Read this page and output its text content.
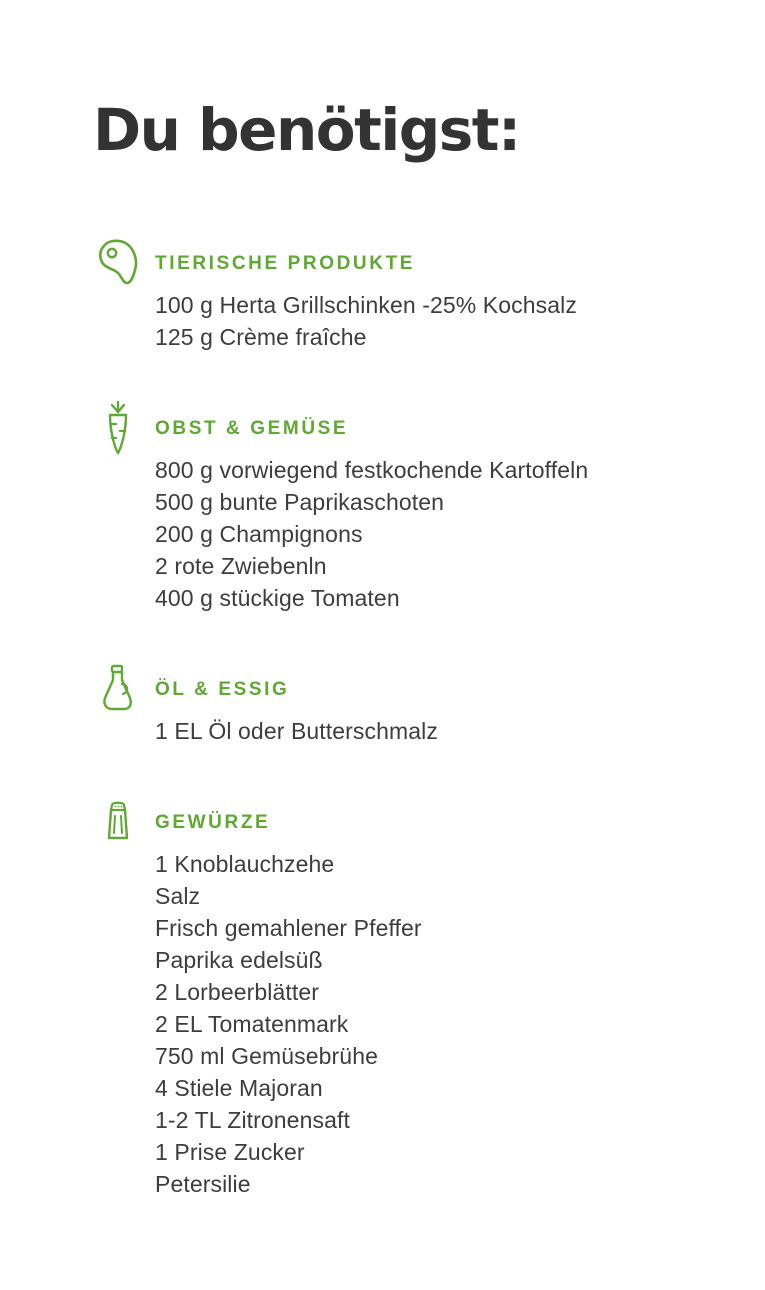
Du benötigst:
TIERISCHE PRODUKTE
100 g Herta Grillschinken -25% Kochsalz
125 g Crème fraîche
OBST & GEMÜSE
800 g vorwiegend festkochende Kartoffeln
500 g bunte Paprikaschoten
200 g Champignons
2 rote Zwiebenln
400 g stückige Tomaten
ÖL & ESSIG
1 EL Öl oder Butterschmalz
GEWÜRZE
1 Knoblauchzehe
Salz
Frisch gemahlener Pfeffer
Paprika edelsüß
2 Lorbeerblätter
2 EL Tomatenmark
750 ml Gemüsebrühe
4 Stiele Majoran
1-2 TL Zitronensaft
1 Prise Zucker
Petersilie
